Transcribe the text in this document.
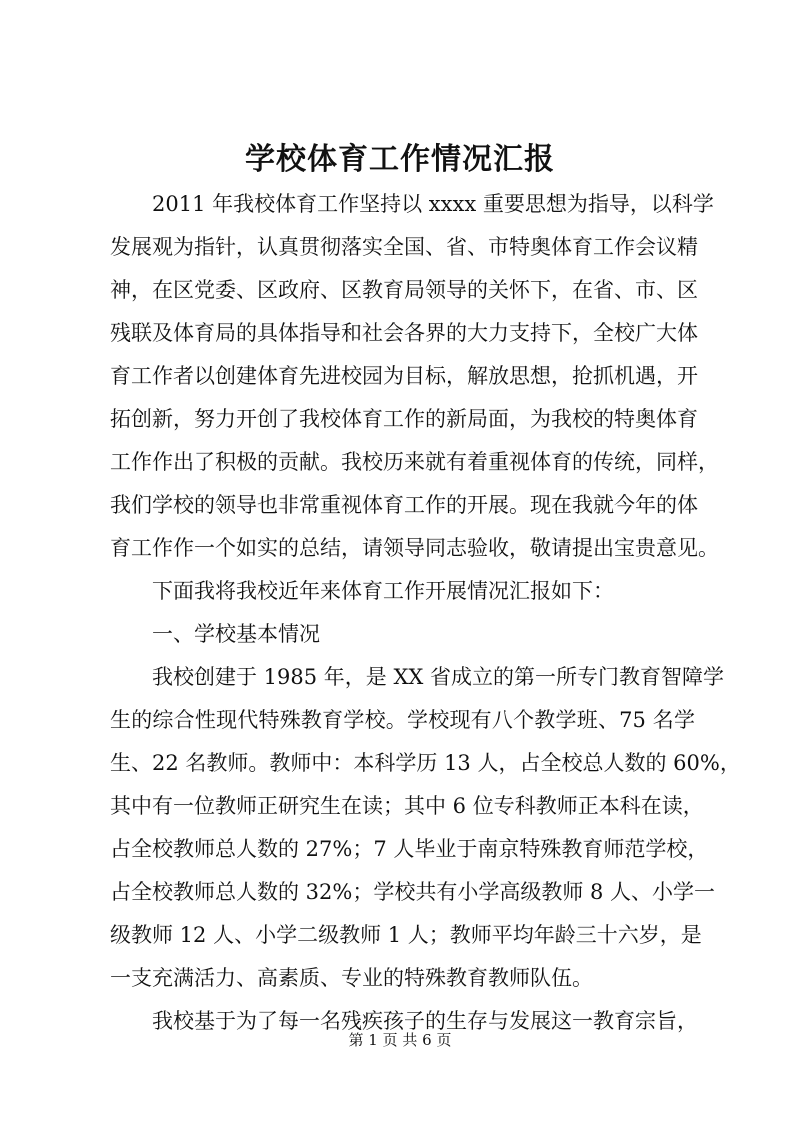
学校体育工作情况汇报
2011 年我校体育工作坚持以 xxxx 重要思想为指导，以科学
发展观为指针，认真贯彻落实全国、省、市特奥体育工作会议精
神，在区党委、区政府、区教育局领导的关怀下，在省、市、区
残联及体育局的具体指导和社会各界的大力支持下，全校广大体
育工作者以创建体育先进校园为目标，解放思想，抢抓机遇，开
拓创新，努力开创了我校体育工作的新局面，为我校的特奥体育
工作作出了积极的贡献。我校历来就有着重视体育的传统，同样，
我们学校的领导也非常重视体育工作的开展。现在我就今年的体
育工作作一个如实的总结，请领导同志验收，敬请提出宝贵意见。
下面我将我校近年来体育工作开展情况汇报如下：
一、学校基本情况
我校创建于 1985 年，是 XX 省成立的第一所专门教育智障学
生的综合性现代特殊教育学校。学校现有八个教学班、75 名学
生、22 名教师。教师中：本科学历 13 人，占全校总人数的 60%，
其中有一位教师正研究生在读；其中 6 位专科教师正本科在读，
占全校教师总人数的 27%；7 人毕业于南京特殊教育师范学校，
占全校教师总人数的 32%；学校共有小学高级教师 8 人、小学一
级教师 12 人、小学二级教师 1 人；教师平均年龄三十六岁，是
一支充满活力、高素质、专业的特殊教育教师队伍。
我校基于为了每一名残疾孩子的生存与发展这一教育宗旨，
第 1 页 共 6 页
